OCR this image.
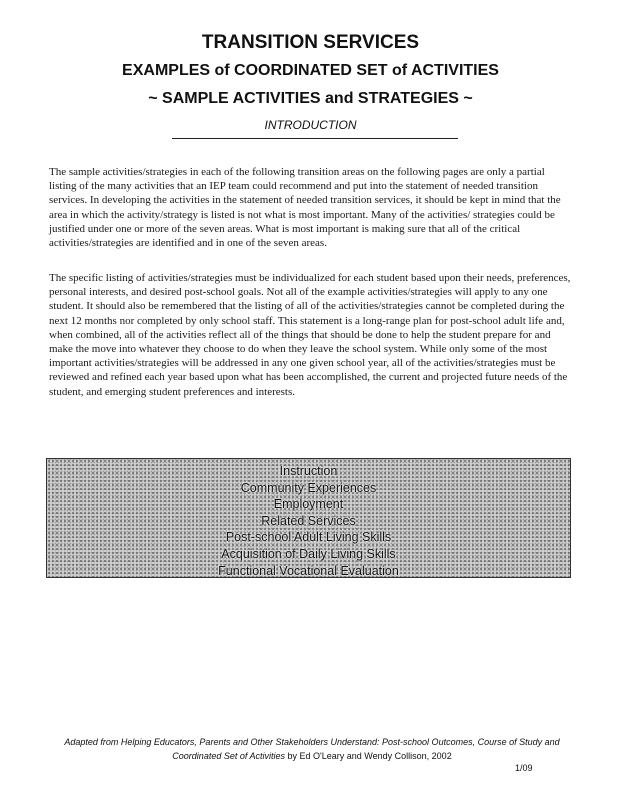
TRANSITION SERVICES
EXAMPLES of COORDINATED SET of ACTIVITIES
~ SAMPLE ACTIVITIES and STRATEGIES ~
INTRODUCTION
The sample activities/strategies in each of the following transition areas on the following pages are only a partial listing of the many activities that an IEP team could recommend and put into the statement of needed transition services. In developing the activities in the statement of needed transition services, it should be kept in mind that the area in which the activity/strategy is listed is not what is most important. Many of the activities/ strategies could be justified under one or more of the seven areas. What is most important is making sure that all of the critical activities/strategies are identified and in one of the seven areas.
The specific listing of activities/strategies must be individualized for each student based upon their needs, preferences, personal interests, and desired post-school goals. Not all of the example activities/strategies will apply to any one student. It should also be remembered that the listing of all of the activities/strategies cannot be completed during the next 12 months nor completed by only school staff. This statement is a long-range plan for post-school adult life and, when combined, all of the activities reflect all of the things that should be done to help the student prepare for and make the move into whatever they choose to do when they leave the school system. While only some of the most important activities/strategies will be addressed in any one given school year, all of the activities/strategies must be reviewed and refined each year based upon what has been accomplished, the current and projected future needs of the student, and emerging student preferences and interests.
Instruction
Community Experiences
Employment
Related Services
Post-school Adult Living Skills
Acquisition of Daily Living Skills
Functional Vocational Evaluation
Adapted from Helping Educators, Parents and Other Stakeholders Understand: Post-school Outcomes, Course of Study and Coordinated Set of Activities by Ed O'Leary and Wendy Collison, 2002
1/09
